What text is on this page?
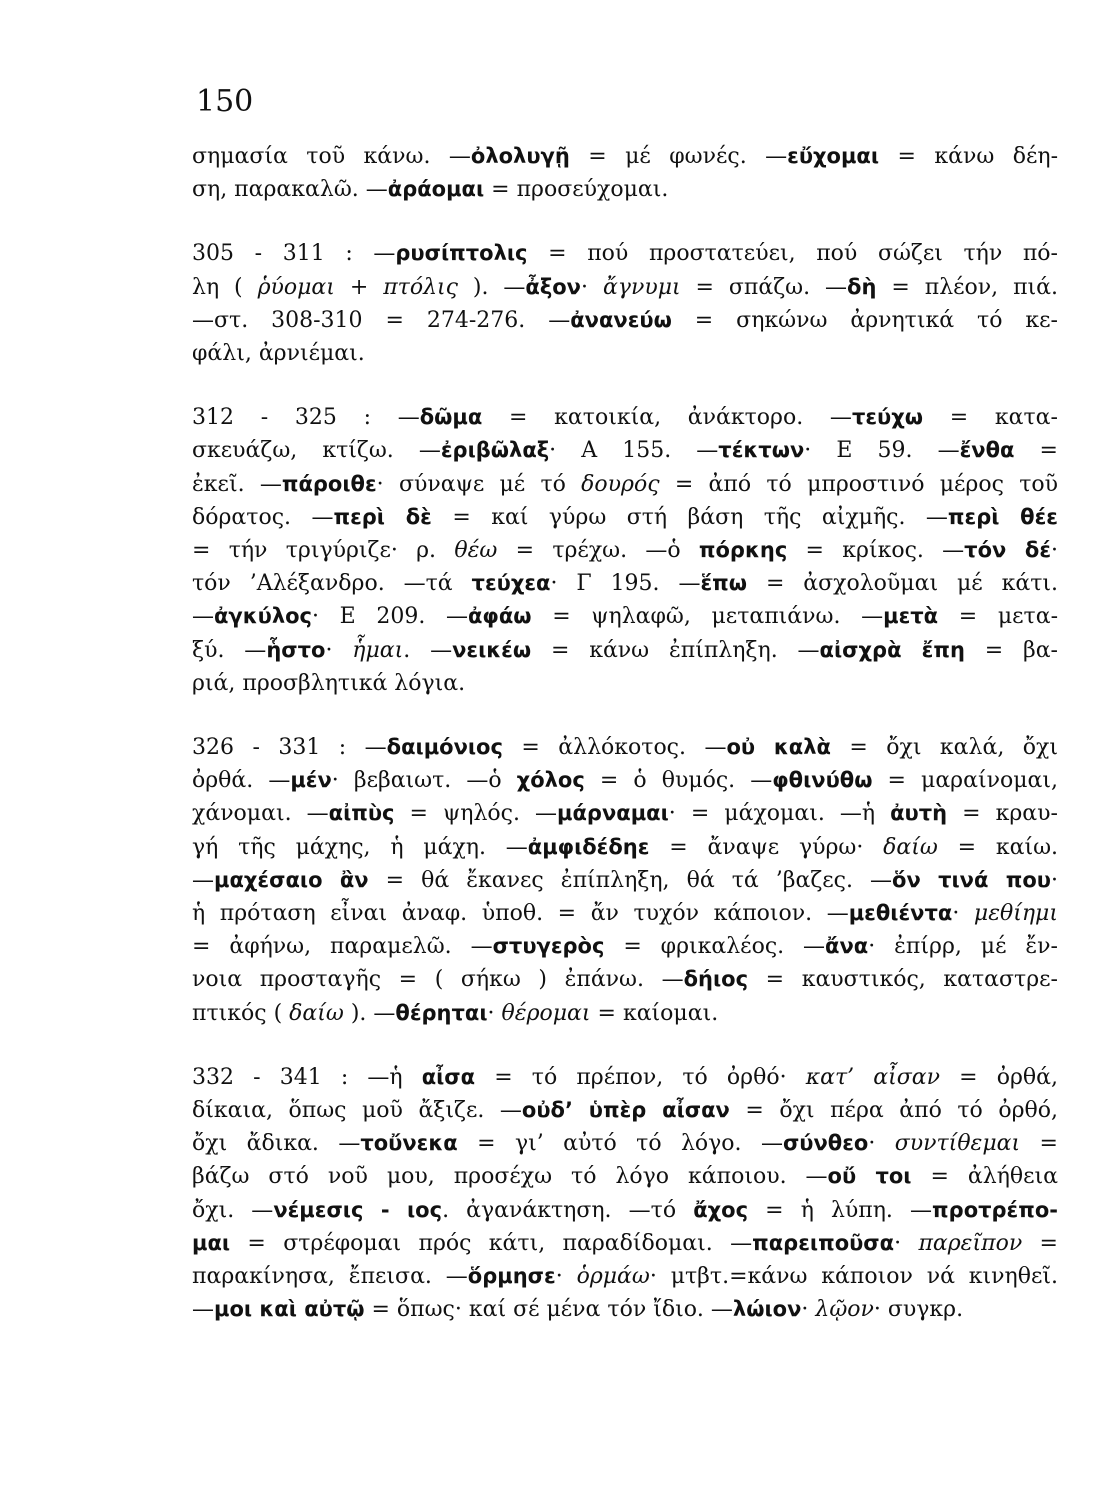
150

σημασία τοῦ κάνω. —ὀλολυγῇ = μέ φωνές. —εὔχομαι = κάνω δέη-
ση, παρακαλῶ. —ἀράομαι = προσεύχομαι.

305 - 311 : —ρυσίπτολις = πού προστατεύει, πού σώζει τήν πό-
λη ( ῥύομαι + πτόλις ). —ἆξον· ἄγνυμι = σπάζω. —δὴ = πλέον, πιά.
—στ. 308-310 = 274-276. —ἀνανεύω = σηκώνω ἀρνητικά τό κε-
φάλι, ἀρνιέμαι.

312 - 325 : —δῶμα = κατοικία, ἀνάκτορο. —τεύχω = κατα-
σκευάζω, κτίζω. —ἐριβῶλαξ· Α 155. —τέκτων· Ε 59. —ἔνθα =
ἐκεῖ. —πάροιθε· σύναψε μέ τό δουρός = ἀπό τό μπροστινό μέρος τοῦ
δόρατος. —περὶ δὲ = καί γύρω στή βάση τῆς αἰχμῆς. —περὶ θέε
= τήν τριγύριζε· ρ. θέω = τρέχω. —ὁ πόρκης = κρίκος. —τόν δέ·
τόν ’Αλέξανδρο. —τά τεύχεα· Γ 195. —ἕπω = ἀσχολοῦμαι μέ κάτι.
—ἀγκύλος· Ε 209. —ἀφάω = ψηλαφῶ, μεταπιάνω. —μετὰ = μετα-
ξύ. —ἧστο· ἧμαι. —νεικέω = κάνω ἐπίπληξη. —αἰσχρὰ ἔπη = βα-
ριά, προσβλητικά λόγια.

326 - 331 : —δαιμόνιος = ἀλλόκοτος. —οὐ καλὰ = ὄχι καλά, ὄχι
ὀρθά. —μέν· βεβαιωτ. —ὁ χόλος = ὁ θυμός. —φθινύθω = μαραίνομαι,
χάνομαι. —αἰπὺς = ψηλός. —μάρναμαι· = μάχομαι. —ἡ ἀυτὴ = κραυ-
γή τῆς μάχης, ἡ μάχη. —ἀμφιδέδηε = ἄναψε γύρω· δαίω = καίω.
—μαχέσαιο ἂν = θά ἔκανες ἐπίπληξη, θά τά ’βαζες. —ὅν τινά που·
ἡ πρόταση εἶναι ἀναφ. ὑποθ. = ἄν τυχόν κάποιον. —μεθιέντα· μεθίημι
= ἀφήνω, παραμελῶ. —στυγερὸς = φρικαλέος. —ἄνα· ἐπίρρ, μέ ἔν-
νοια προσταγῆς = ( σήκω ) ἐπάνω. —δήιος = καυστικός, καταστρε-
πτικός ( δαίω ). —θέρηται· θέρομαι = καίομαι.

332 - 341 : —ἡ αἶσα = τό πρέπον, τό ὀρθό· κατ’ αἶσαν = ὀρθά,
δίκαια, ὅπως μοῦ ἄξιζε. —οὐδ’ ὑπὲρ αἶσαν = ὄχι πέρα ἀπό τό ὀρθό,
ὄχι ἄδικα. —τοὔνεκα = γι’ αὐτό τό λόγο. —σύνθεο· συντίθεμαι =
βάζω στό νοῦ μου, προσέχω τό λόγο κάποιου. —οὔ τοι = ἀλήθεια
ὄχι. —νέμεσις - ιος. ἀγανάκτηση. —τό ἄχος = ἡ λύπη. —προτρέπο-
μαι = στρέφομαι πρός κάτι, παραδίδομαι. —παρειποῦσα· παρεῖπον =
παρακίνησα, ἔπεισα. —ὅρμησε· ὁρμάω· μτβτ.=κάνω κάποιον νά κινηθεῖ.
—μοι καὶ αὐτῷ = ὅπως· καί σέ μένα τόν ἴδιο. —λώιον· λῷον· συγκρ.
